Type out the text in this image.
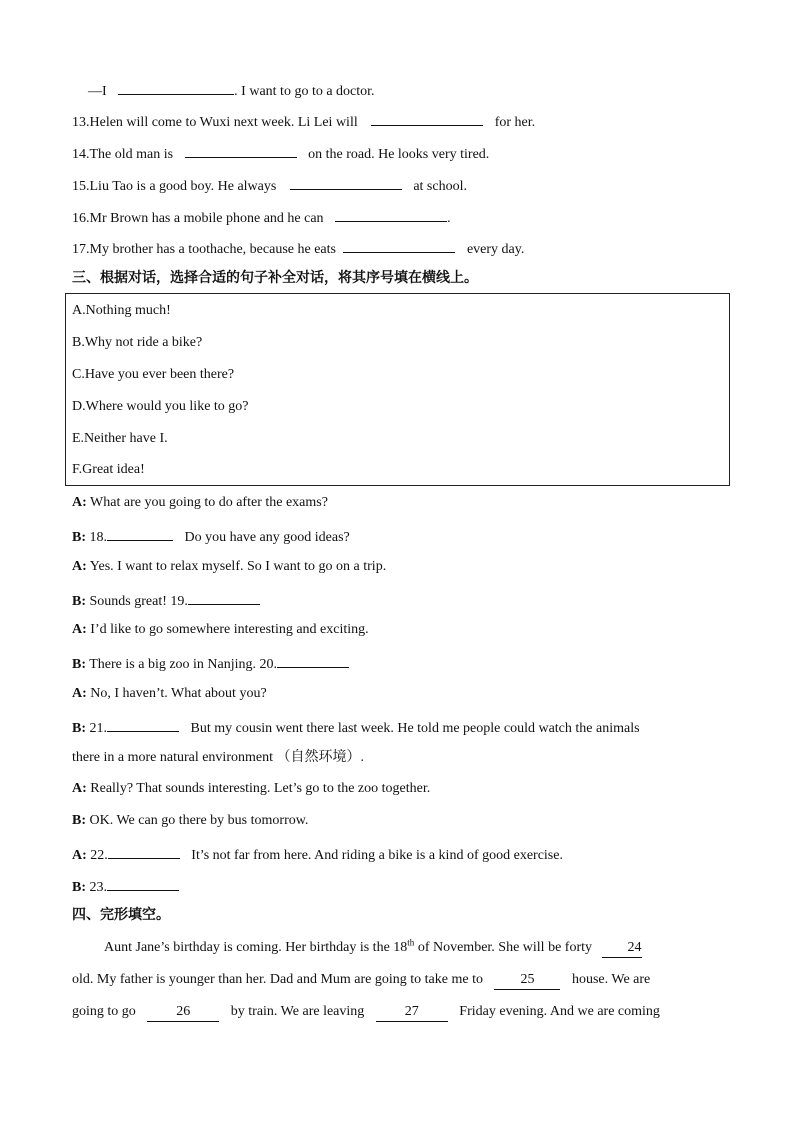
—I	. I want to go to a doctor.
13.Helen will come to Wuxi next week. Li Lei will	for her.
14.The old man is	on the road. He looks very tired.
15.Liu Tao is a good boy. He always	at school.
16.Mr Brown has a mobile phone and he can	.
17.My brother has a toothache, because he eats	every day.
三、根据对话，选择合适的句子补全对话，将其序号填在横线上。
A.Nothing much!
B.Why not ride a bike?
C.Have you ever been there?
D.Where would you like to go?
E.Neither have I.
F.Great idea!
A: What are you going to do after the exams?
B: 18.	Do you have any good ideas?
A: Yes. I want to relax myself. So I want to go on a trip.
B: Sounds great! 19.
A: I’d like to go somewhere interesting and exciting.
B: There is a big zoo in Nanjing. 20.
A: No, I haven’t. What about you?
B: 21.	But my cousin went there last week. He told me people could watch the animals
there in a more natural environment （自然环境）.
A: Really? That sounds interesting. Let’s go to the zoo together.
B: OK. We can go there by bus tomorrow.
A: 22.	It’s not far from here. And riding a bike is a kind of good exercise.
B: 23.
四、完形填空。
Aunt Jane’s birthday is coming. Her birthday is the 18th of November. She will be forty	24
old. My father is younger than her. Dad and Mum are going to take me to	25	house. We are
going to go	26	by train. We are leaving	27	Friday evening. And we are coming
